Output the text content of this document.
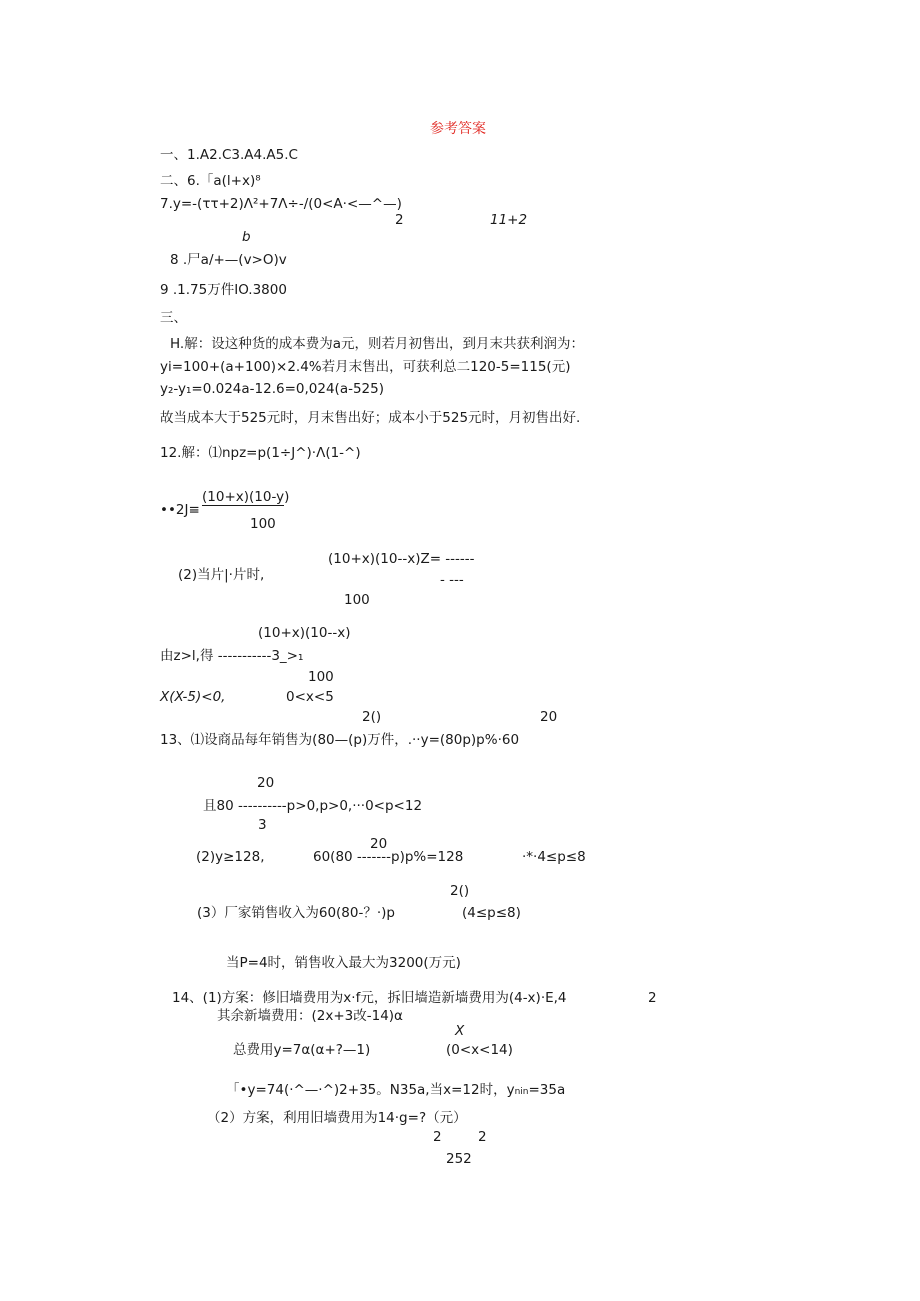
参考答案
一、1.A2.C3.A4.A5.C
二、6.「a(l+x)⁸
7.y=-(ττ+2)Λ²+7Λ÷-/(0<A·<—^—)
2	11+2
b
8 .尸a/+—(v>O)v
9 .1.75万件IO.3800
三、
H.解：设这种货的成本费为a元，则若月初售出，到月末共获利润为：
yi=100+(a+100)×2.4%若月末售出，可获利总二120-5=115(元)
y₂-y₁=0.024a-12.6=0,024(a-525)
故当成本大于525元时，月末售出好；成本小于525元时，月初售出好.
12.解：⑴npz=p(1÷J^)·Λ(1-^)
(10+x)(10-y)
••2J≡
100
(2)当片|·片时,
(10+x)(10--x)Z= ------
- ---
100
(10+x)(10--x)
由z>l,得 -----------3_>₁
100
X(X-5)<0,	0<x<5
2()	20
13、⑴设商品每年销售为(80—(p)万件，.··y=(80p)p%·60
20
且80 ----------p>0,p>0,···0<p<12
3
20
(2)y≥128,	60(80 -------p)p%=128	·*·4≤p≤8
2()
(3）厂家销售收入为60(80-？·)p	(4≤p≤8)
当P=4时，销售收入最大为3200(万元)
14、(1)方案：修旧墙费用为x·f元，拆旧墙造新墙费用为(4-x)·E,4	2
其余新墙费用：(2x+3改-14)α
X
总费用y=7α(α+?—1)	(0<x<14)
「•y=74(·^—·^)2+35。N35a,当x=12时，ynin=35a
（2）方案，利用旧墙费用为14·g=?（元）
2	2
252
